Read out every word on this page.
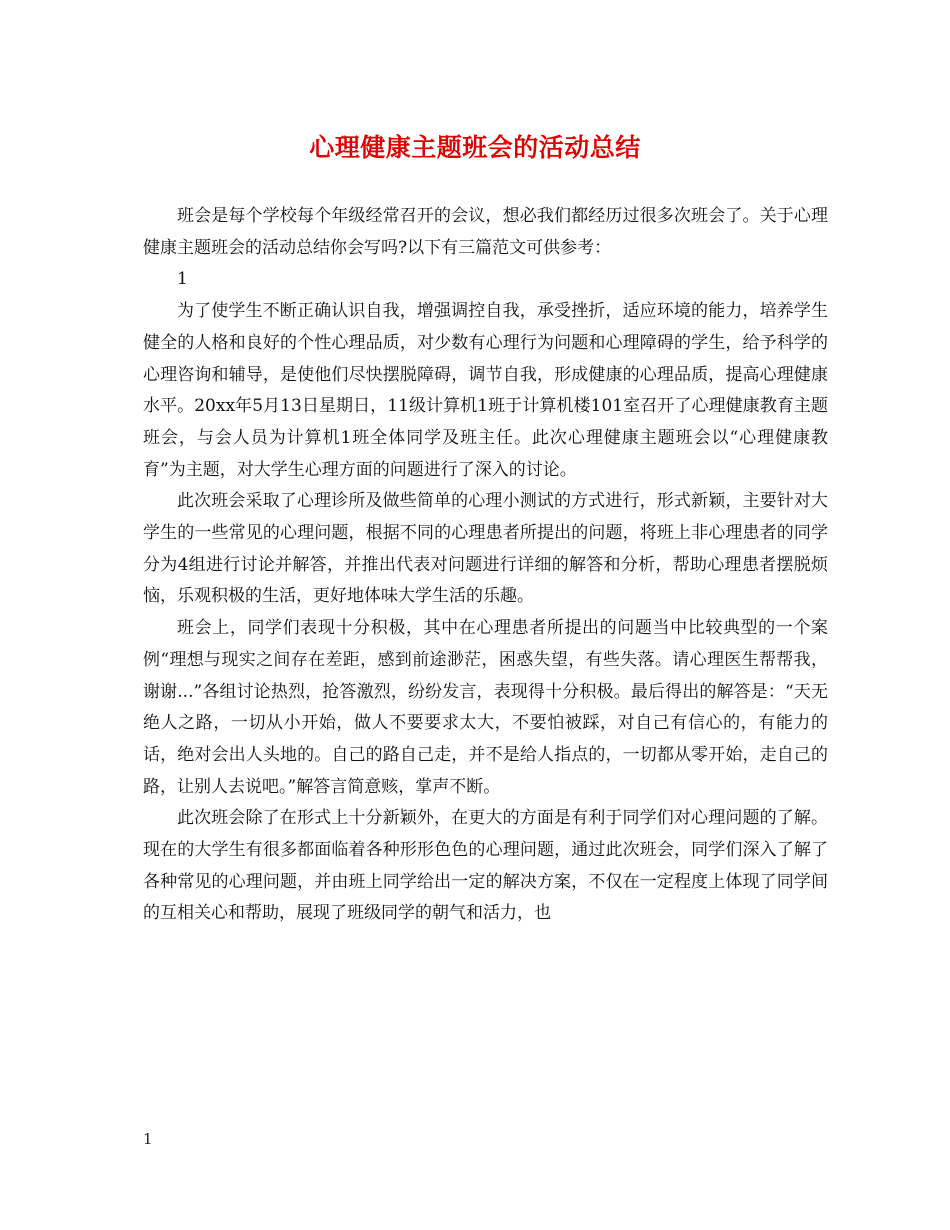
心理健康主题班会的活动总结

班会是每个学校每个年级经常召开的会议，想必我们都经历过很多次班会了。关于心理健康主题班会的活动总结你会写吗?以下有三篇范文可供参考：

1

为了使学生不断正确认识自我，增强调控自我，承受挫折，适应环境的能力，培养学生健全的人格和良好的个性心理品质，对少数有心理行为问题和心理障碍的学生，给予科学的心理咨询和辅导，是使他们尽快摆脱障碍，调节自我，形成健康的心理品质，提高心理健康水平。20xx年5月13日星期日，11级计算机1班于计算机楼101室召开了心理健康教育主题班会，与会人员为计算机1班全体同学及班主任。此次心理健康主题班会以“心理健康教育”为主题，对大学生心理方面的问题进行了深入的讨论。

此次班会采取了心理诊所及做些简单的心理小测试的方式进行，形式新颖，主要针对大学生的一些常见的心理问题，根据不同的心理患者所提出的问题，将班上非心理患者的同学分为4组进行讨论并解答，并推出代表对问题进行详细的解答和分析，帮助心理患者摆脱烦恼，乐观积极的生活，更好地体味大学生活的乐趣。

班会上，同学们表现十分积极，其中在心理患者所提出的问题当中比较典型的一个案例“理想与现实之间存在差距，感到前途渺茫，困惑失望，有些失落。请心理医生帮帮我，谢谢...”各组讨论热烈，抢答激烈，纷纷发言，表现得十分积极。最后得出的解答是：“天无绝人之路，一切从小开始，做人不要要求太大，不要怕被踩，对自己有信心的，有能力的话，绝对会出人头地的。自己的路自己走，并不是给人指点的，一切都从零开始，走自己的路，让别人去说吧。”解答言简意赅，掌声不断。

此次班会除了在形式上十分新颖外，在更大的方面是有利于同学们对心理问题的了解。现在的大学生有很多都面临着各种形形色色的心理问题，通过此次班会，同学们深入了解了各种常见的心理问题，并由班上同学给出一定的解决方案，不仅在一定程度上体现了同学间的互相关心和帮助，展现了班级同学的朝气和活力，也

1
